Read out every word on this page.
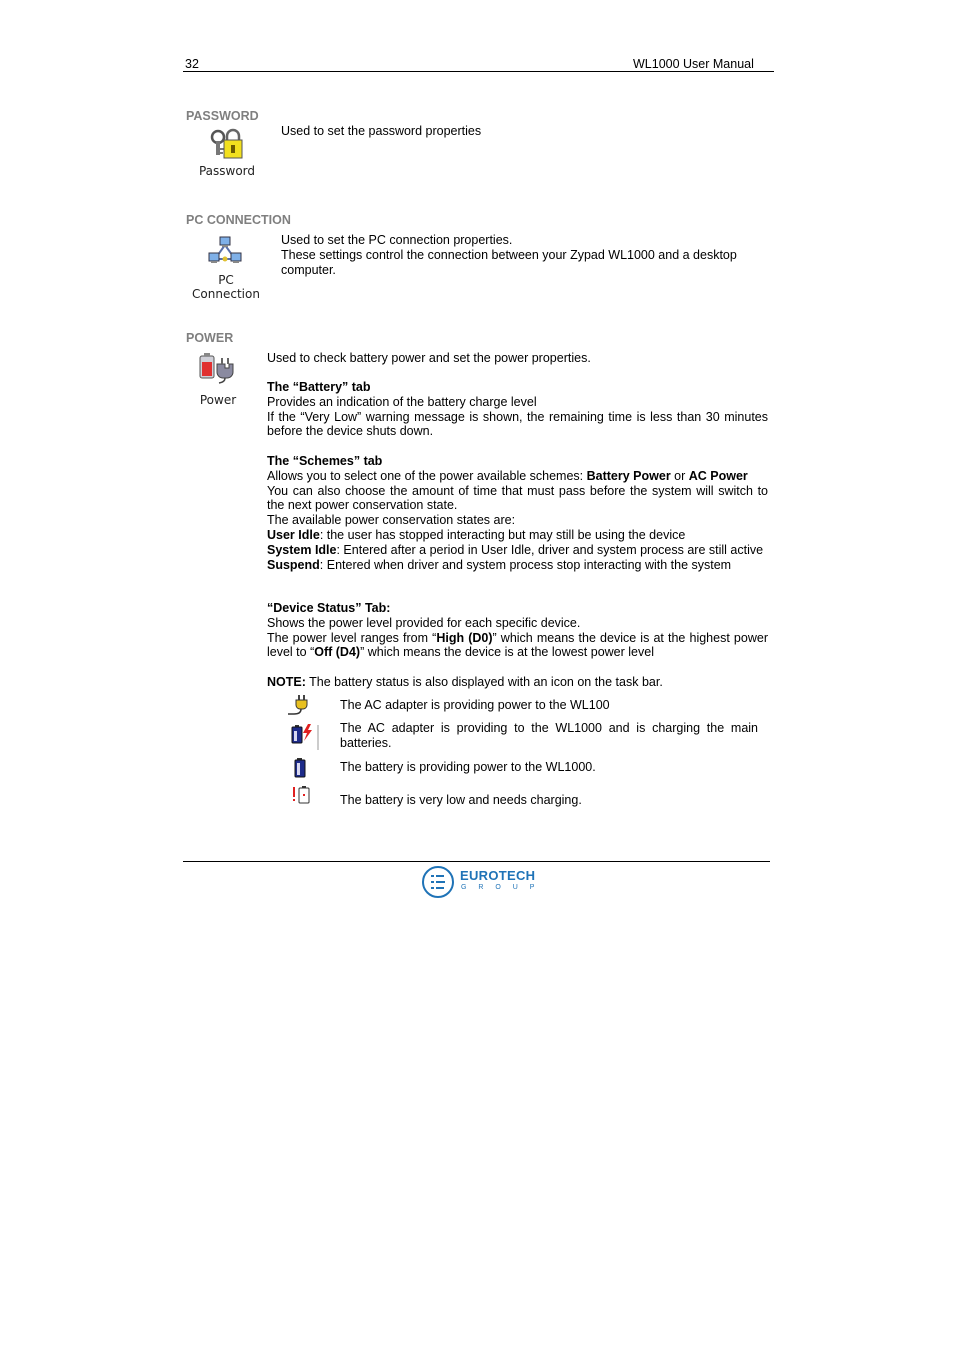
32	WL1000 User Manual
PASSWORD
Password
Used to set the password properties
PC CONNECTION
PC
Connection
Used to set the PC connection properties.
These settings control the connection between your Zypad WL1000 and a desktop computer.
POWER
Power
Used to check battery power and set the power properties.
The “Battery” tab
Provides an indication of the battery charge level
If the “Very Low” warning message is shown, the remaining time is less than 30 minutes before the device shuts down.
The “Schemes” tab
Allows you to select one of the power available schemes: Battery Power or AC Power
You can also choose the amount of time that must pass before the system will switch to the next power conservation state.
The available power conservation states are:
User Idle: the user has stopped interacting but may still be using the device
System Idle: Entered after a period in User Idle, driver and system process are still active
Suspend: Entered when driver and system process stop interacting with the system
“Device Status” Tab:
Shows the power level provided for each specific device.
The power level ranges from “High (D0)” which means the device is at the highest power level to “Off (D4)” which means the device is at the lowest power level
NOTE: The battery status is also displayed with an icon on the task bar.
The AC adapter is providing power to the WL100
The AC adapter is providing to the WL1000 and is charging the main batteries.
The battery is providing power to the WL1000.
The battery is very low and needs charging.
EUROTECH
G R O U P
